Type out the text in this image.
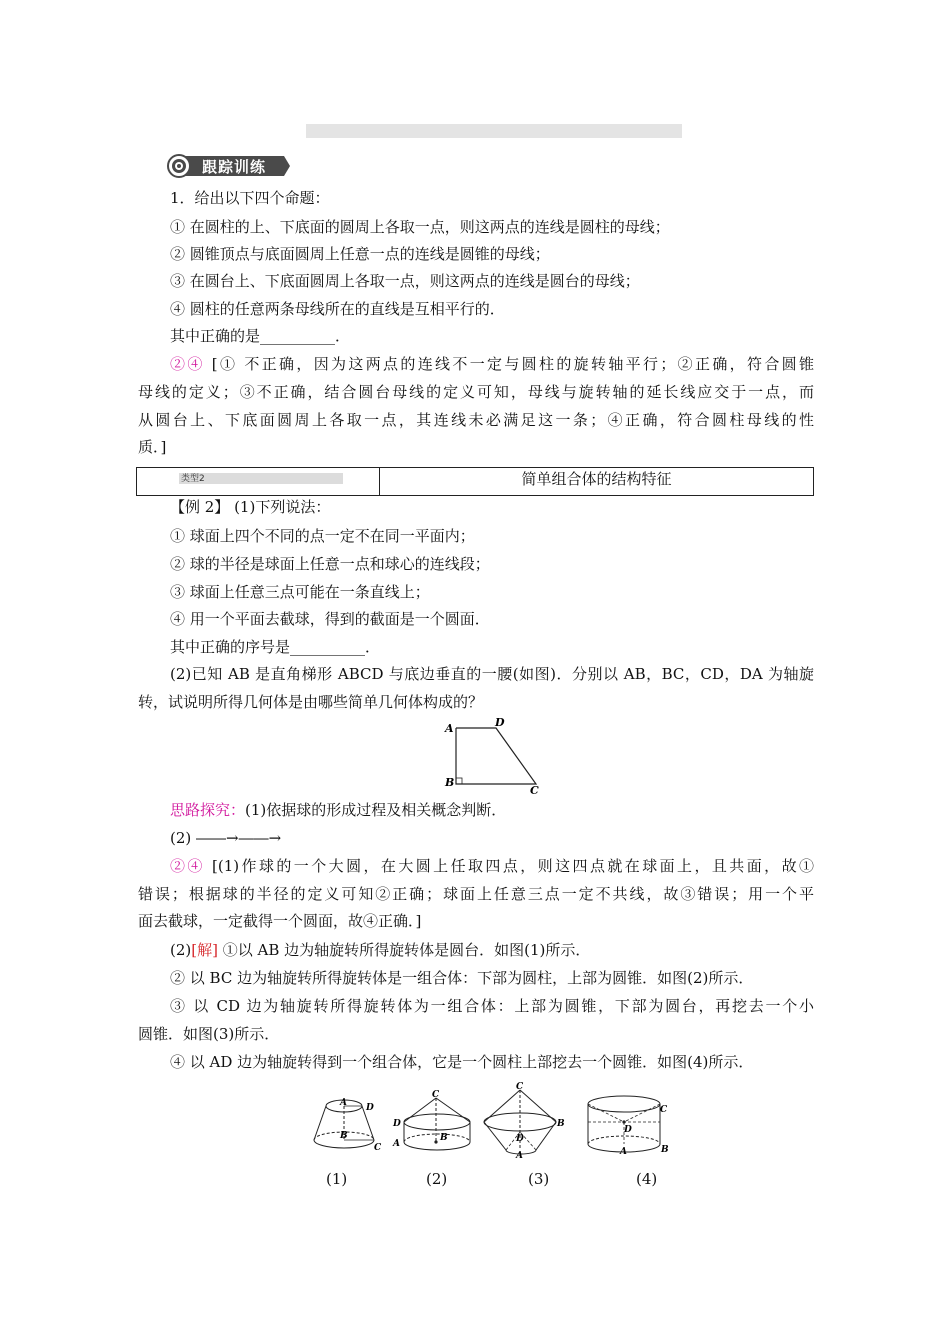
跟踪训练
1．给出以下四个命题：
① 在圆柱的上、下底面的圆周上各取一点，则这两点的连线是圆柱的母线；
② 圆锥顶点与底面圆周上任意一点的连线是圆锥的母线；
③ 在圆台上、下底面圆周上各取一点，则这两点的连线是圆台的母线；
④ 圆柱的任意两条母线所在的直线是互相平行的．
其中正确的是__________．
②④ [① 不正确，因为这两点的连线不一定与圆柱的旋转轴平行；②正确，符合圆锥
母线的定义；③不正确，结合圆台母线的定义可知，母线与旋转轴的延长线应交于一点，而
从圆台上、下底面圆周上各取一点，其连线未必满足这一条；④正确，符合圆柱母线的性
质．]
类型2	简单组合体的结构特征
【例 2】 (1)下列说法：
① 球面上四个不同的点一定不在同一平面内；
② 球的半径是球面上任意一点和球心的连线段；
③ 球面上任意三点可能在一条直线上；
④ 用一个平面去截球，得到的截面是一个圆面．
其中正确的序号是__________．
(2)已知 AB 是直角梯形 ABCD 与底边垂直的一腰(如图)．分别以 AB，BC，CD，DA 为轴旋
转，试说明所得几何体是由哪些简单几何体构成的？
A	D
B
C
思路探究：(1)依据球的形成过程及相关概念判断．
(2) ――→――→
②④ [(1)作球的一个大圆，在大圆上任取四点，则这四点就在球面上，且共面，故①
错误；根据球的半径的定义可知②正确；球面上任意三点一定不共线，故③错误；用一个平
面去截球，一定截得一个圆面，故④正确．]
(2)[解] ①以 AB 边为轴旋转所得旋转体是圆台．如图(1)所示．
② 以 BC 边为轴旋转所得旋转体是一组合体：下部为圆柱，上部为圆锥．如图(2)所示．
③ 以 CD 边为轴旋转所得旋转体为一组合体：上部为圆锥，下部为圆台，再挖去一个小
圆锥．如图(3)所示．
④ 以 AD 边为轴旋转得到一个组合体，它是一个圆柱上部挖去一个圆锥．如图(4)所示．
A D
B
C
C
D
A
B
C
B
D
A
C
D
B
A
(1)	(2)	(3)	(4)
